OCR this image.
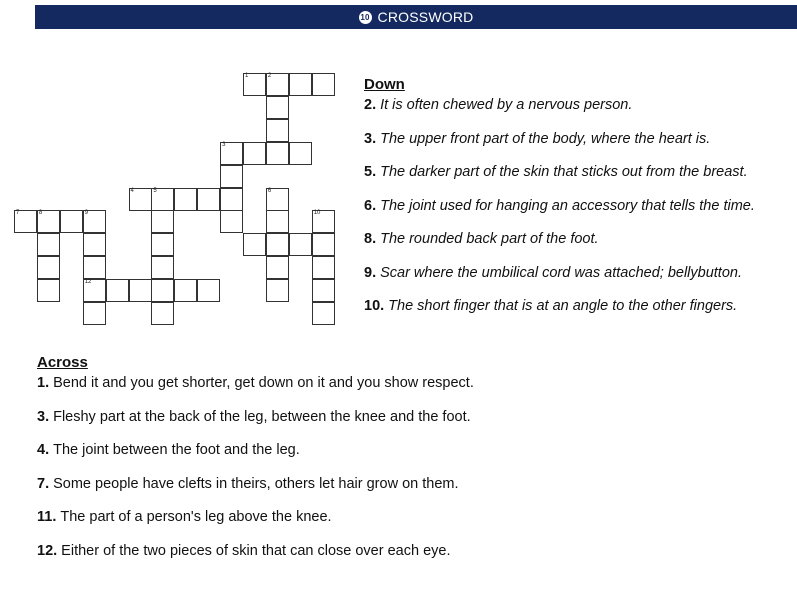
10 CROSSWORD
1	2
3
4	5	6
7	8	9	10
12
Down
2. It is often chewed by a nervous person.
3. The upper front part of the body, where the heart is.
5. The darker part of the skin that sticks out from the breast.
6. The joint used for hanging an accessory that tells the time.
8. The rounded back part of the foot.
9. Scar where the umbilical cord was attached; bellybutton.
10. The short finger that is at an angle to the other fingers.
Across
1. Bend it and you get shorter, get down on it and you show respect.
3. Fleshy part at the back of the leg, between the knee and the foot.
4. The joint between the foot and the leg.
7. Some people have clefts in theirs, others let hair grow on them.
11. The part of a person's leg above the knee.
12. Either of the two pieces of skin that can close over each eye.
